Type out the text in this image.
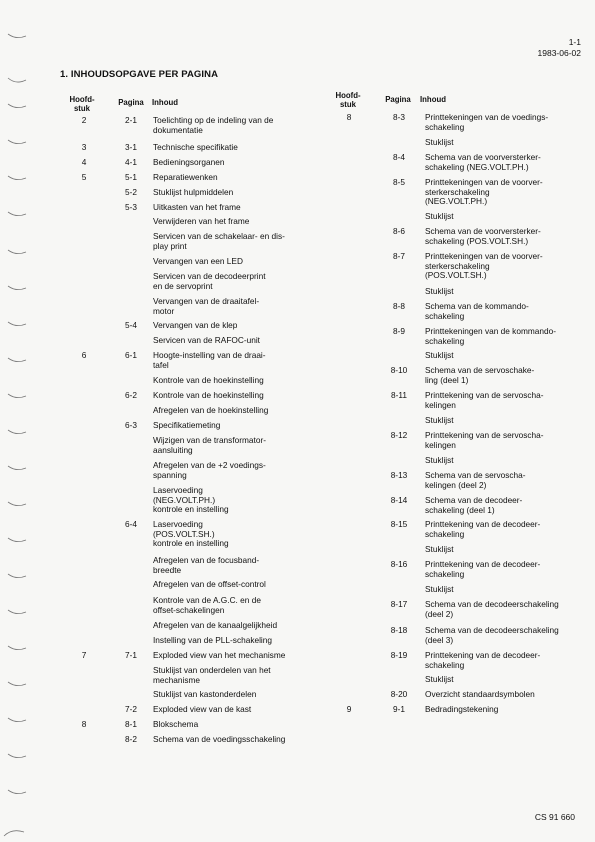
1-1
1983-06-02
1. INHOUDSOPGAVE PER PAGINA
Hoofd-
stuk
Pagina	Inhoud
Hoofd-
stuk
Pagina	Inhoud
2	2-1	Toelichting op de indeling van de
dokumentatie
3	3-1	Technische specifikatie
4	4-1	Bedieningsorganen
5	5-1	Reparatiewenken
5-2	Stuklijst hulpmiddelen
5-3	Uitkasten van het frame
Verwijderen van het frame
Servicen van de schakelaar- en dis-
play print
Vervangen van een LED
Servicen van de decodeerprint
en de servoprint
Vervangen van de draaitafel-
motor
5-4	Vervangen van de klep
Servicen van de RAFOC-unit
6	6-1	Hoogte-instelling van de draai-
tafel
Kontrole van de hoekinstelling
6-2	Kontrole van de hoekinstelling
Afregelen van de hoekinstelling
6-3	Specifikatiemeting
Wijzigen van de transformator-
aansluiting
Afregelen van de +2 voedings-
spanning
Laservoeding
(NEG.VOLT.PH.)
kontrole en instelling
6-4	Laservoeding
(POS.VOLT.SH.)
kontrole en instelling
Afregelen van de focusband-
breedte
Afregelen van de offset-control
Kontrole van de A.G.C. en de
offset-schakelingen
Afregelen van de kanaalgelijkheid
Instelling van de PLL-schakeling
7	7-1	Exploded view van het mechanisme
Stuklijst van onderdelen van het
mechanisme
Stuklijst van kastonderdelen
7-2	Exploded view van de kast
8	8-1	Blokschema
8-2	Schema van de voedingsschakeling
8	8-3	Printtekeningen van de voedings-
schakeling
Stuklijst
8-4	Schema van de voorversterker-
schakeling (NEG.VOLT.PH.)
8-5	Printtekeningen van de voorver-
sterkerschakeling
(NEG.VOLT.PH.)
Stuklijst
8-6	Schema van de voorversterker-
schakeling (POS.VOLT.SH.)
8-7	Printtekeningen van de voorver-
sterkerschakeling
(POS.VOLT.SH.)
Stuklijst
8-8	Schema van de kommando-
schakeling
8-9	Printtekeningen van de kommando-
schakeling
Stuklijst
8-10	Schema van de servoschake-
ling (deel 1)
8-11	Printtekening van de servoscha-
kelingen
Stuklijst
8-12	Printtekening van de servoscha-
kelingen
Stuklijst
8-13	Schema van de servoscha-
kelingen (deel 2)
8-14	Schema van de decodeer-
schakeling (deel 1)
8-15	Printtekening van de decodeer-
schakeling
Stuklijst
8-16	Printtekening van de decodeer-
schakeling
Stuklijst
8-17	Schema van de decodeerschakeling
(deel 2)
8-18	Schema van de decodeerschakeling
(deel 3)
8-19	Printtekening van de decodeer-
schakeling
Stuklijst
8-20	Overzicht standaardsymbolen
9	9-1	Bedradingstekening
CS 91 660
